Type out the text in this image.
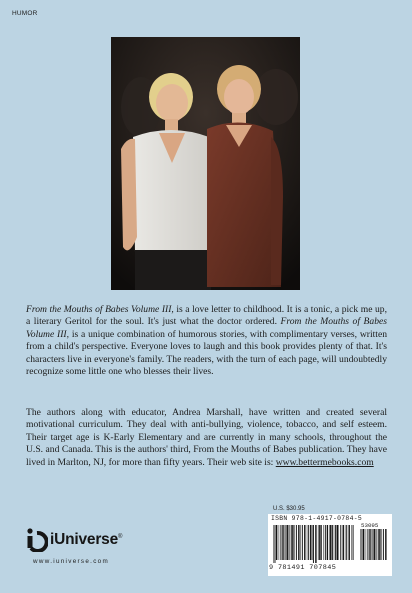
HUMOR

From the Mouths of Babes Volume III, is a love letter to childhood. It is a tonic, a pick me up, a literary Geritol for the soul. It's just what the doctor ordered. From the Mouths of Babes Volume III, is a unique combination of humorous stories, with complimentary verses, written from a child's perspective. Everyone loves to laugh and this book provides plenty of that. It's characters live in everyone's family. The readers, with the turn of each page, will undoubtedly recognize some little one who blesses their lives.

The authors along with educator, Andrea Marshall, have written and created several motivational curriculum. They deal with anti-bullying, violence, tobacco, and self esteem. Their target age is K-Early Elementary and are currently in many schools, throughout the U.S. and Canada. This is the authors' third, From the Mouths of Babes publication. They have lived in Marlton, NJ, for more than fifty years. Their web site is: www.bettermebooks.com

U.S. $30.95
ISBN 978-1-4917-0784-5
53095
9 781491 707845
iUniverse®
www.iuniverse.com
